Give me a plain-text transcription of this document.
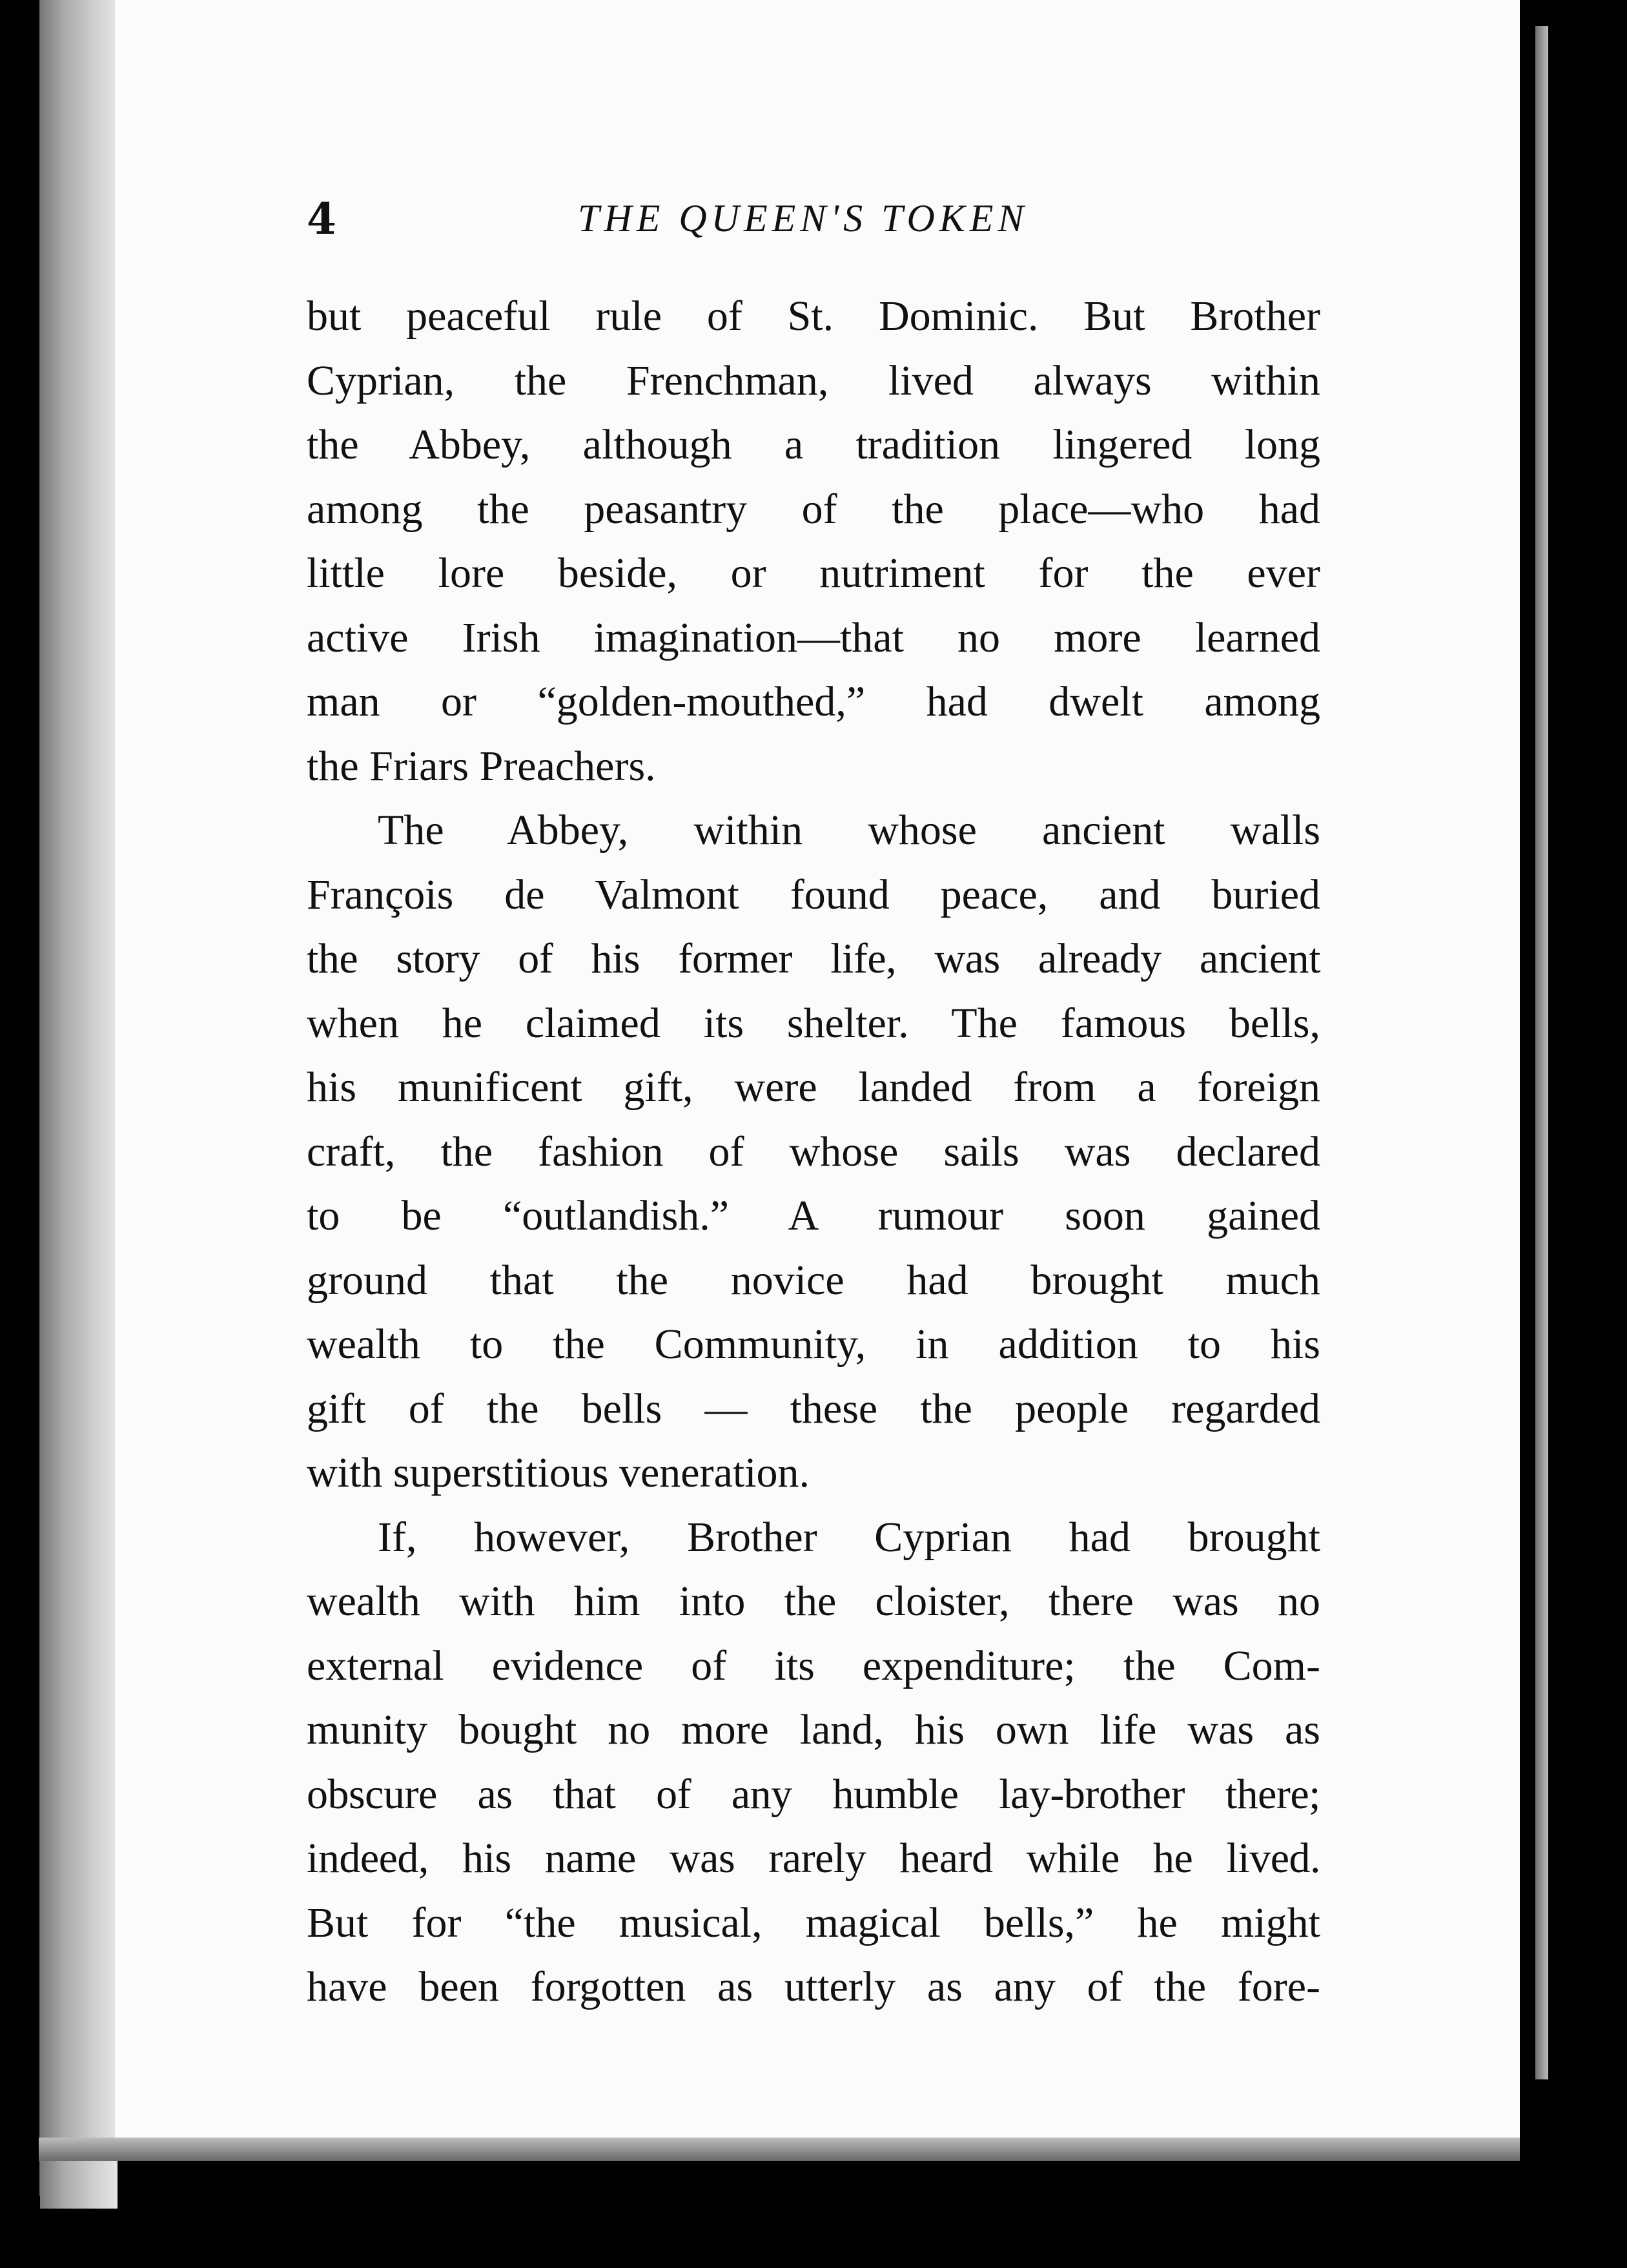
4	THE QUEEN'S TOKEN
but peaceful rule of St. Dominic. But Brother
Cyprian, the Frenchman, lived always within
the Abbey, although a tradition lingered long
among the peasantry of the place—who had
little lore beside, or nutriment for the ever
active Irish imagination—that no more learned
man or “golden-mouthed,” had dwelt among
the Friars Preachers.
The Abbey, within whose ancient walls
François de Valmont found peace, and buried
the story of his former life, was already ancient
when he claimed its shelter. The famous bells,
his munificent gift, were landed from a foreign
craft, the fashion of whose sails was declared
to be “outlandish.” A rumour soon gained
ground that the novice had brought much
wealth to the Community, in addition to his
gift of the bells — these the people regarded
with superstitious veneration.
If, however, Brother Cyprian had brought
wealth with him into the cloister, there was no
external evidence of its expenditure; the Com-
munity bought no more land, his own life was as
obscure as that of any humble lay-brother there;
indeed, his name was rarely heard while he lived.
But for “the musical, magical bells,” he might
have been forgotten as utterly as any of the fore-
